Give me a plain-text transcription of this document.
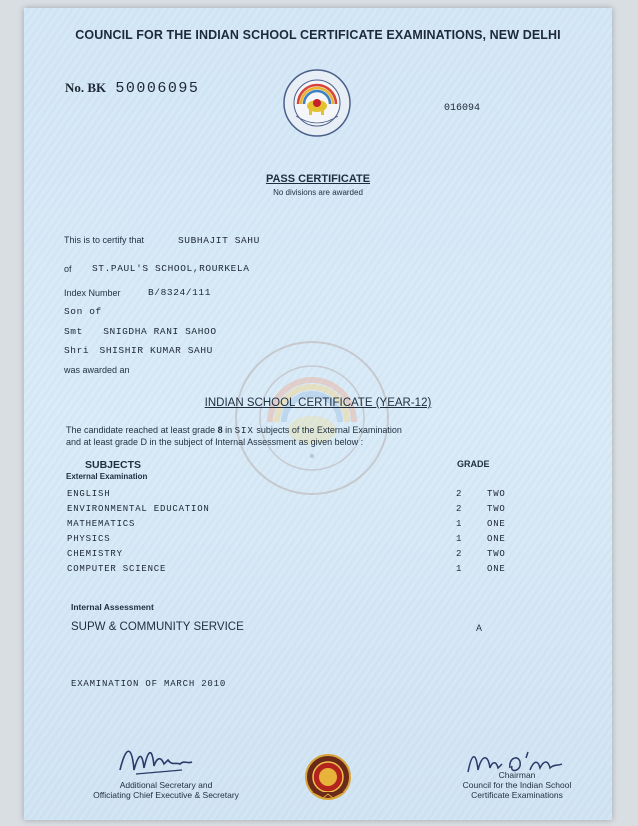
COUNCIL FOR THE INDIAN SCHOOL CERTIFICATE EXAMINATIONS, NEW DELHI
No. BK 50006095
016094
PASS CERTIFICATE
No divisions are awarded
This is to certify that	SUBHAJIT SAHU
of ST.PAUL'S SCHOOL,ROURKELA
Index Number	B/8324/111
Son of
Smt SNIGDHA RANI SAHOO
Shri SHISHIR KUMAR SAHU
was awarded an
INDIAN SCHOOL CERTIFICATE (YEAR-12)
The candidate reached at least grade 8 in SIX subjects of the External Examination
and at least grade D in the subject of Internal Assessment as given below :
SUBJECTS	GRADE
External Examination
ENGLISH	2	TWO
ENVIRONMENTAL EDUCATION	2	TWO
MATHEMATICS	1	ONE
PHYSICS	1	ONE
CHEMISTRY	2	TWO
COMPUTER SCIENCE	1	ONE
Internal Assessment
SUPW & COMMUNITY SERVICE	A
EXAMINATION OF MARCH 2010
Additional Secretary and
Officiating Chief Executive & Secretary
Chairman
Council for the Indian School
Certificate Examinations
